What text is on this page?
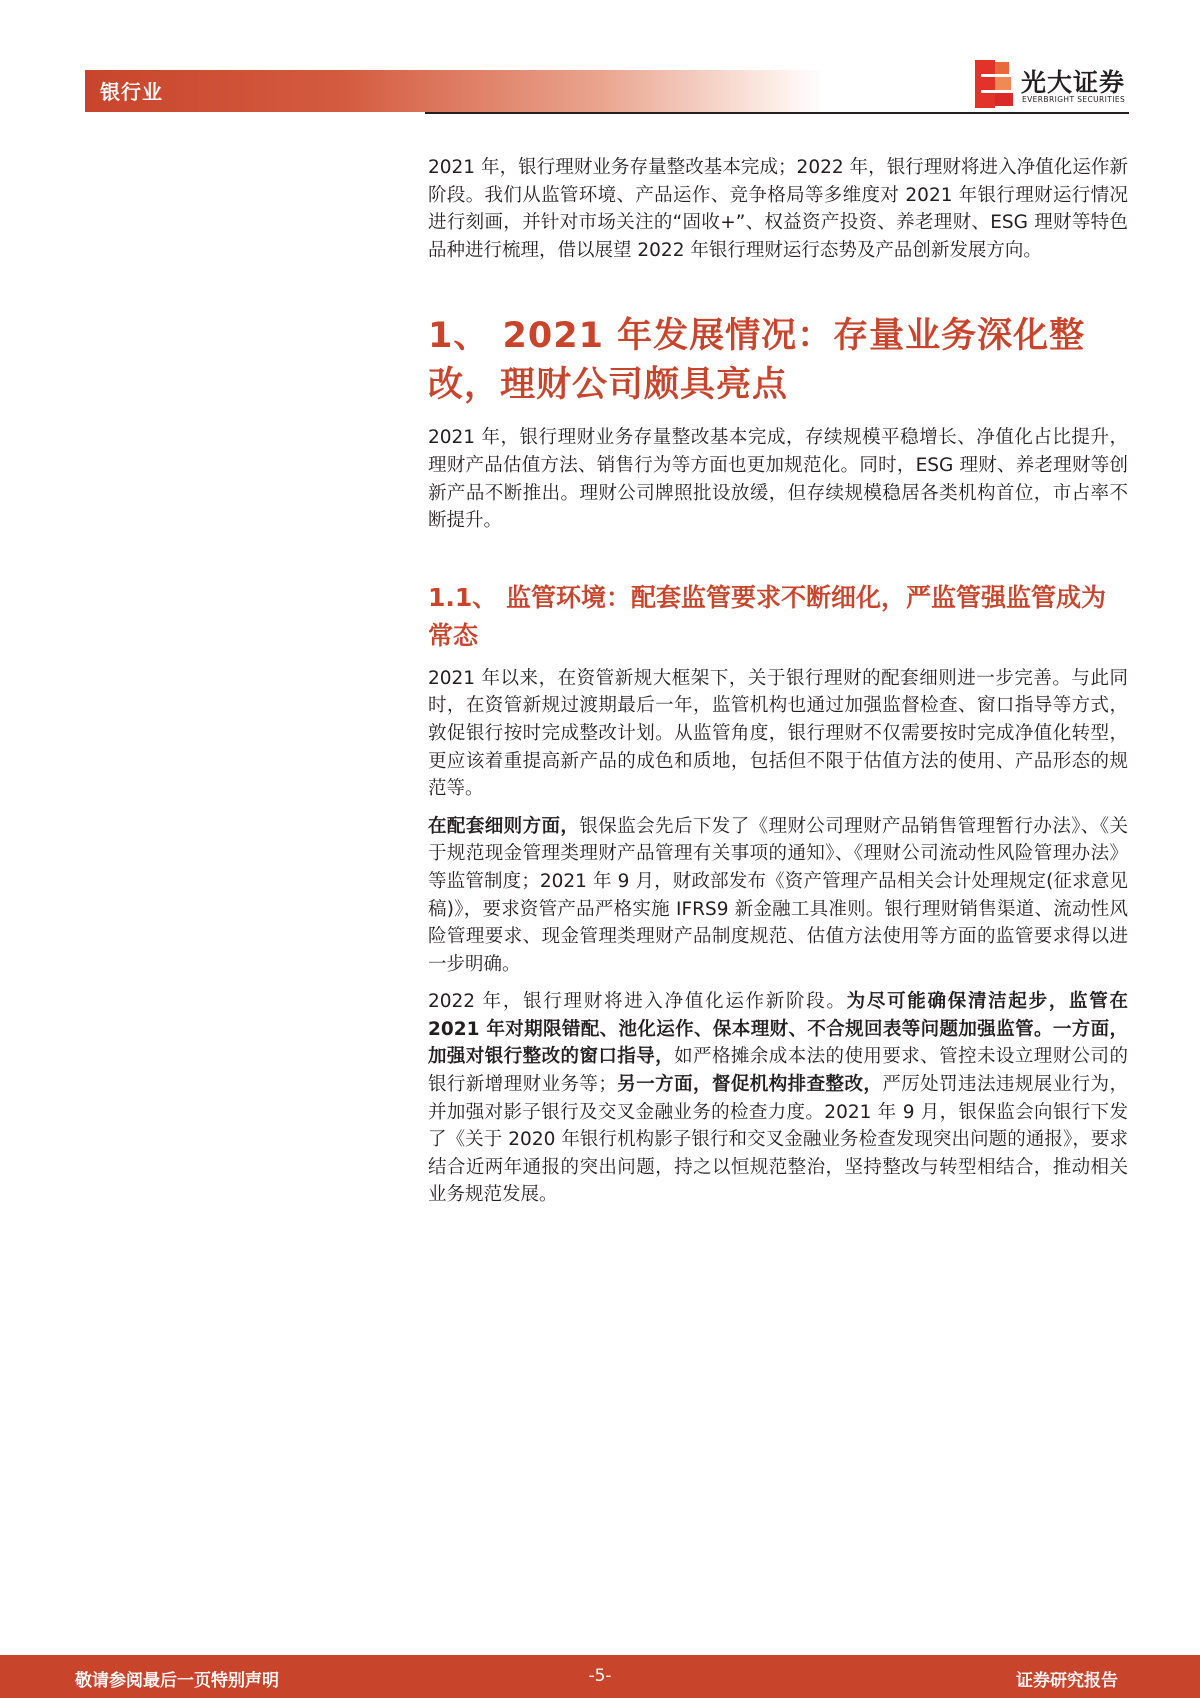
银行业	光大证券
EVERBRIGHT SECURITIES

2021 年，银行理财业务存量整改基本完成；2022 年，银行理财将进入净值化运作新阶段。我们从监管环境、产品运作、竞争格局等多维度对 2021 年银行理财运行情况进行刻画，并针对市场关注的“固收+”、权益资产投资、养老理财、ESG 理财等特色品种进行梳理，借以展望 2022 年银行理财运行态势及产品创新发展方向。

1、 2021 年发展情况：存量业务深化整改，理财公司颇具亮点

2021 年，银行理财业务存量整改基本完成，存续规模平稳增长、净值化占比提升，理财产品估值方法、销售行为等方面也更加规范化。同时，ESG 理财、养老理财等创新产品不断推出。理财公司牌照批设放缓，但存续规模稳居各类机构首位，市占率不断提升。

1.1、 监管环境：配套监管要求不断细化，严监管强监管成为常态

2021 年以来，在资管新规大框架下，关于银行理财的配套细则进一步完善。与此同时，在资管新规过渡期最后一年，监管机构也通过加强监督检查、窗口指导等方式，敦促银行按时完成整改计划。从监管角度，银行理财不仅需要按时完成净值化转型，更应该着重提高新产品的成色和质地，包括但不限于估值方法的使用、产品形态的规范等。

在配套细则方面，银保监会先后下发了《理财公司理财产品销售管理暂行办法》、《关于规范现金管理类理财产品管理有关事项的通知》、《理财公司流动性风险管理办法》等监管制度；2021 年 9 月，财政部发布《资产管理产品相关会计处理规定(征求意见稿)》，要求资管产品严格实施 IFRS9 新金融工具准则。银行理财销售渠道、流动性风险管理要求、现金管理类理财产品制度规范、估值方法使用等方面的监管要求得以进一步明确。

2022 年，银行理财将进入净值化运作新阶段。为尽可能确保清洁起步，监管在 2021 年对期限错配、池化运作、保本理财、不合规回表等问题加强监管。一方面，加强对银行整改的窗口指导，如严格摊余成本法的使用要求、管控未设立理财公司的银行新增理财业务等；另一方面，督促机构排查整改，严厉处罚违法违规展业行为，并加强对影子银行及交叉金融业务的检查力度。2021 年 9 月，银保监会向银行下发了《关于 2020 年银行机构影子银行和交叉金融业务检查发现突出问题的通报》，要求结合近两年通报的突出问题，持之以恒规范整治，坚持整改与转型相结合，推动相关业务规范发展。

敬请参阅最后一页特别声明	-5-	证券研究报告
